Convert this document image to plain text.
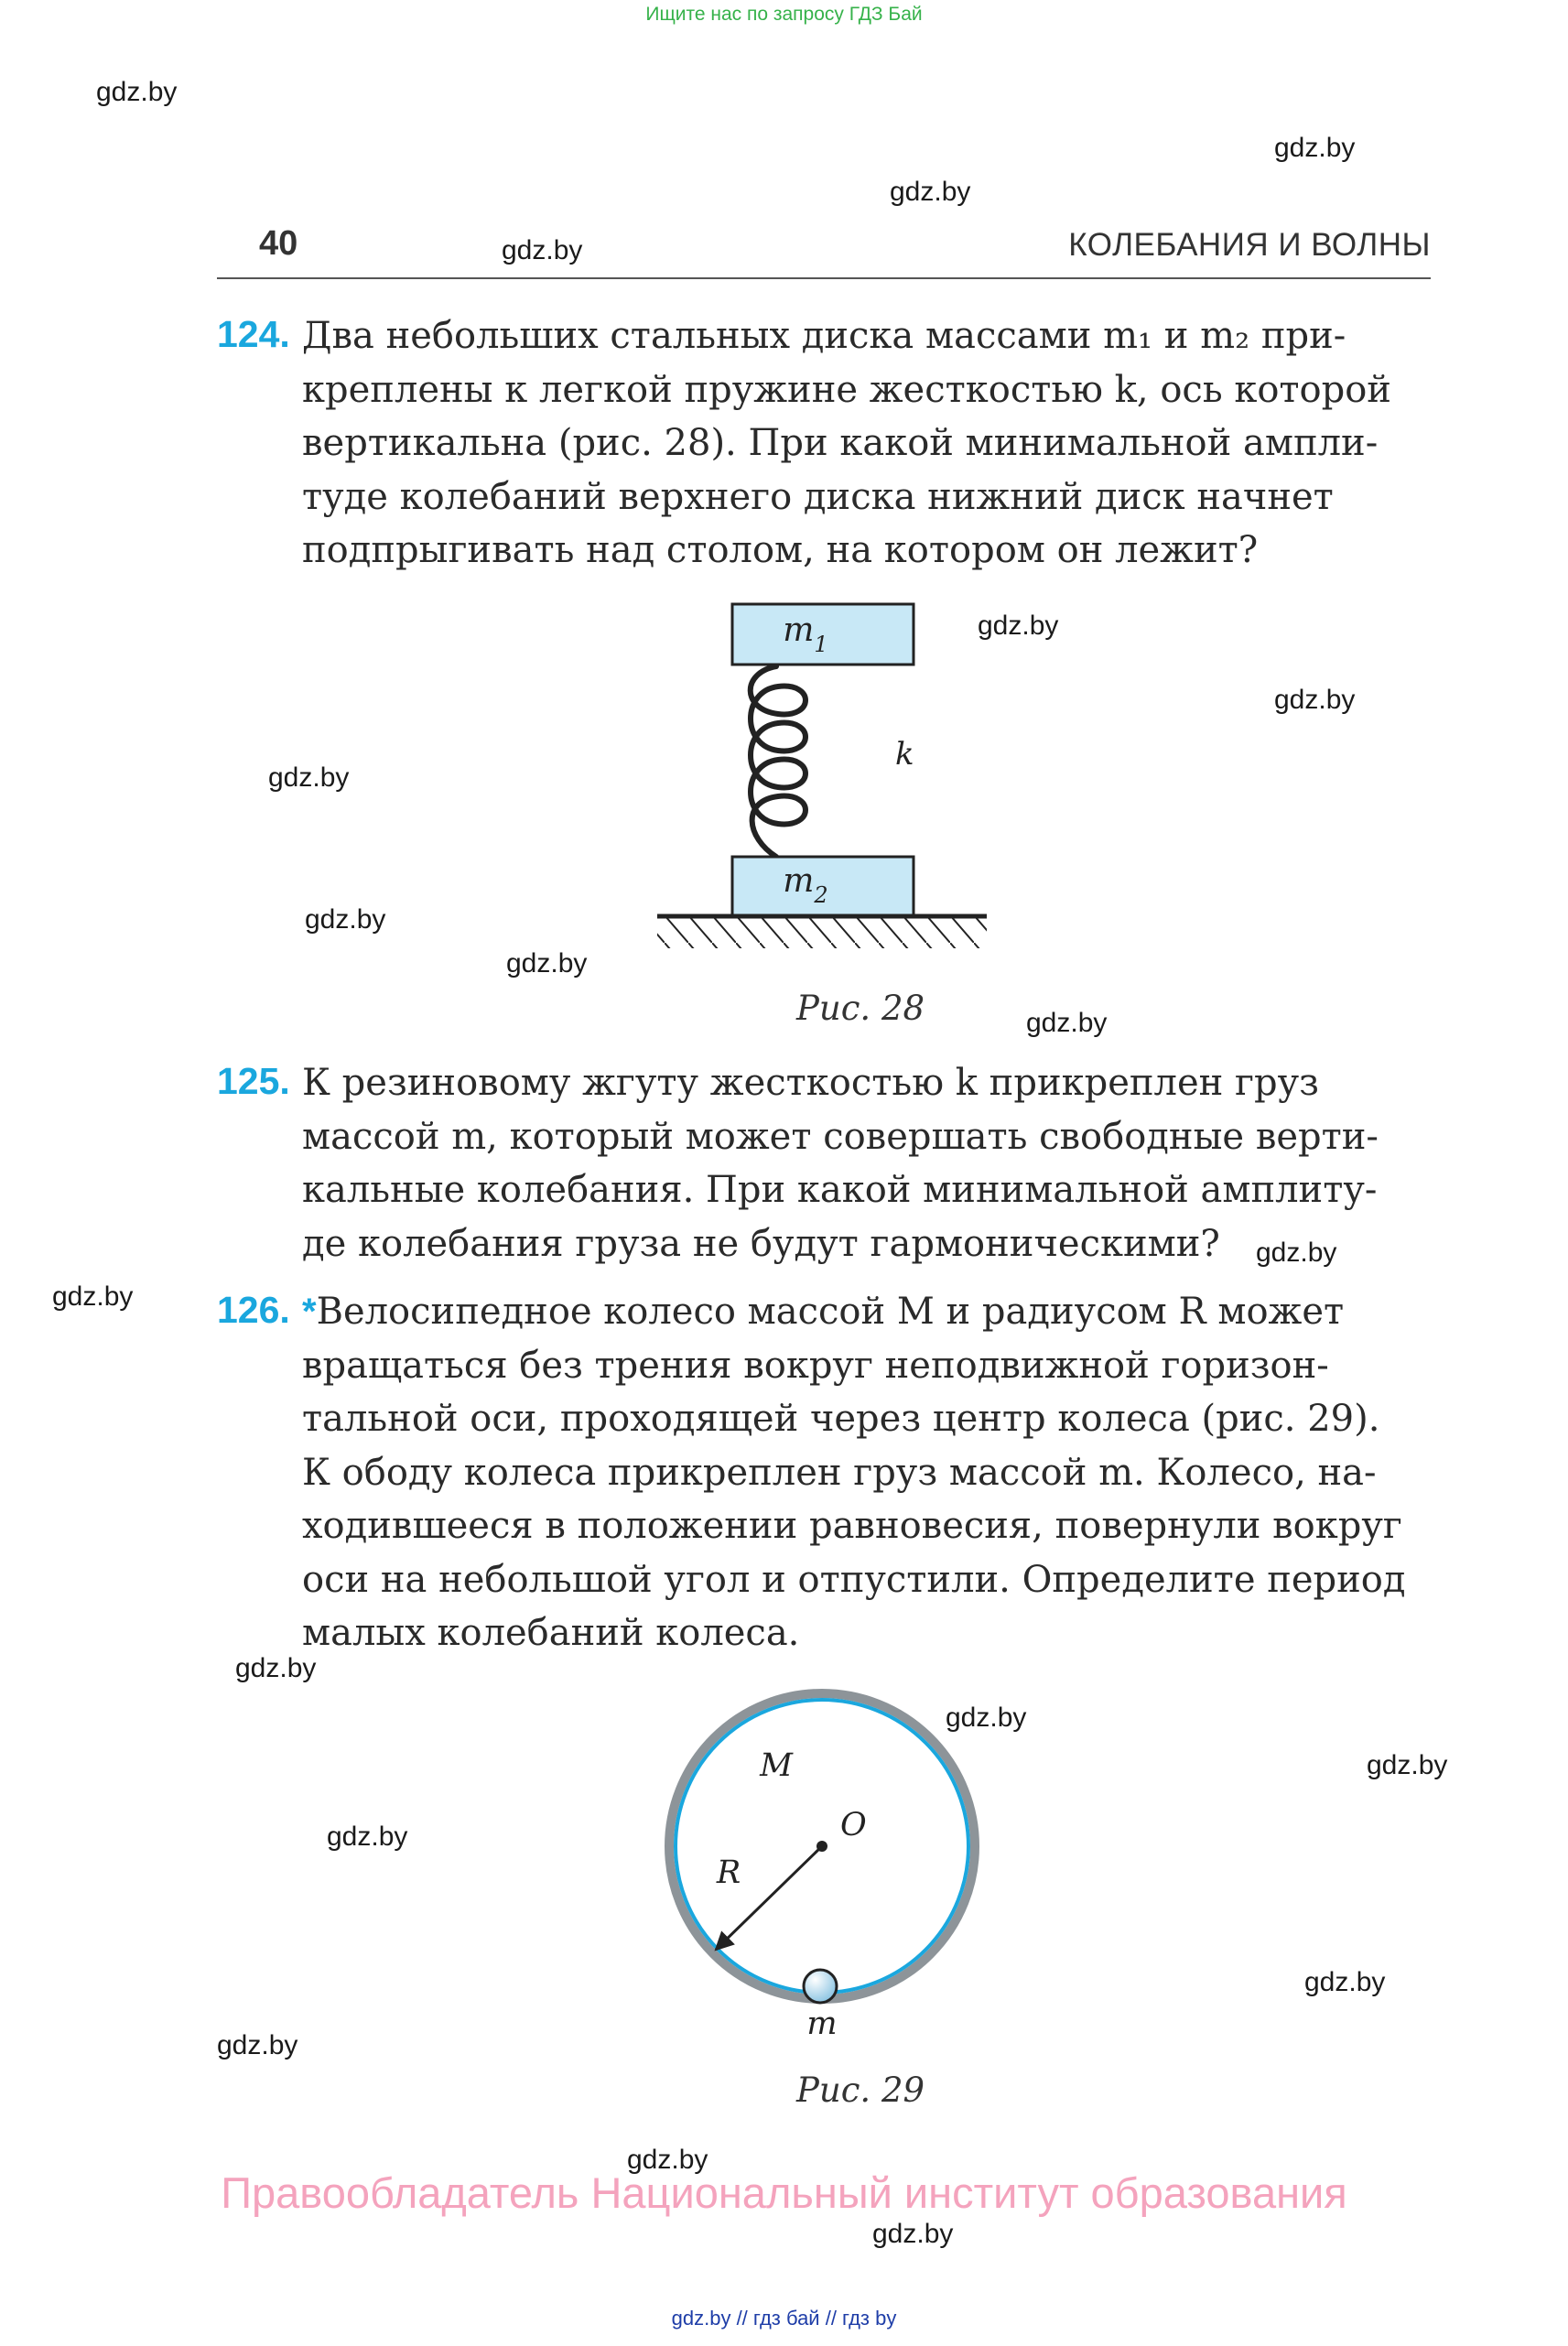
Ищите нас по запросу ГДЗ Бай
gdz.by
gdz.by
gdz.by
gdz.by
gdz.by
gdz.by
gdz.by
gdz.by
gdz.by
gdz.by
gdz.by
gdz.by
gdz.by
gdz.by
gdz.by
gdz.by
gdz.by
gdz.by
gdz.by
gdz.by
40	КОЛЕБАНИЯ И ВОЛНЫ
124. Два небольших стальных диска массами m₁ и m₂ при-

креплены к легкой пружине жесткостью k, ось которой

вертикальна (рис. 28). При какой минимальной ампли-

туде колебаний верхнего диска нижний диск начнет

подпрыгивать над столом, на котором он лежит?

$m_1$
$m_2$
k
Рис. 28
125. К резиновому жгуту жесткостью k прикреплен груз

массой m, который может совершать свободные верти-

кальные колебания. При какой минимальной амплиту-

де колебания груза не будут гармоническими?

126. *Велосипедное колесо массой M и радиусом R может

вращаться без трения вокруг неподвижной горизон-

тальной оси, проходящей через центр колеса (рис. 29).

К ободу колеса прикреплен груз массой m. Колесо, на-

ходившееся в положении равновесия, повернули вокруг

оси на небольшой угол и отпустили. Определите период

малых колебаний колеса.

M
O
R
m
Рис. 29
Правообладатель Национальный институт образования
gdz.by // гдз бай // гдз by
